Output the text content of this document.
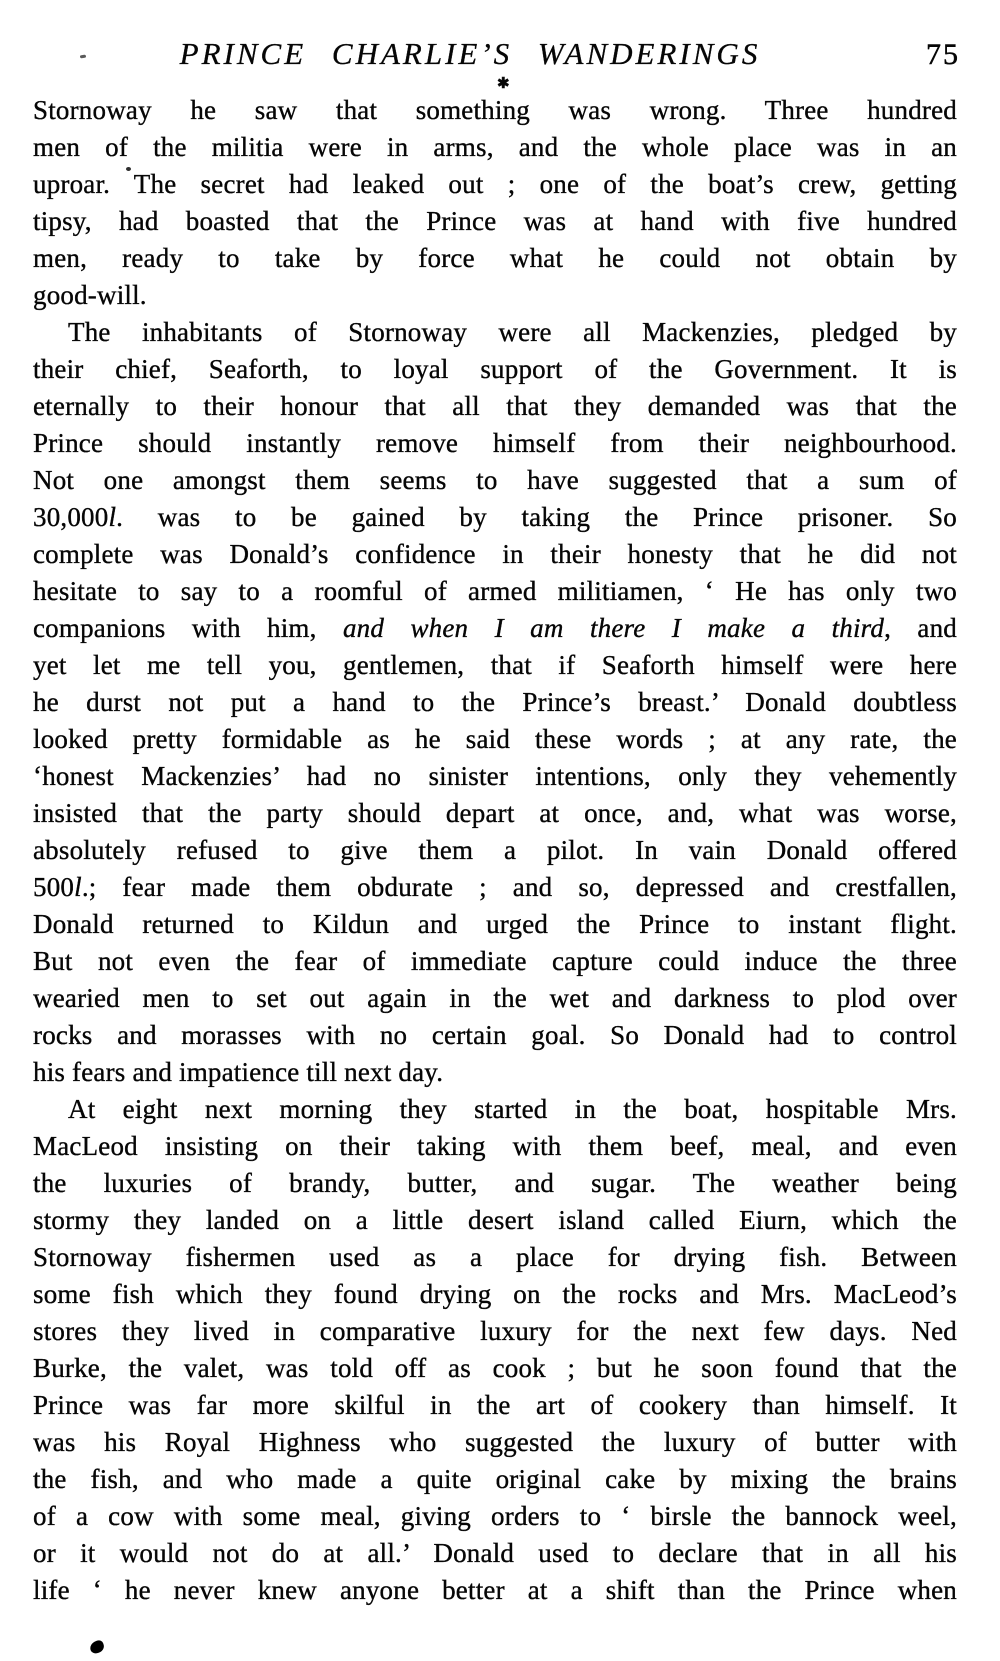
PRINCE CHARLIE’S WANDERINGS	75
✱
Stornoway he saw that something was wrong. Three hundred
men of the militia were in arms, and the whole place was in an
uproar. The secret had leaked out ; one of the boat’s crew, getting
tipsy, had boasted that the Prince was at hand with five hundred
men, ready to take by force what he could not obtain by
good-will.
The inhabitants of Stornoway were all Mackenzies, pledged by
their chief, Seaforth, to loyal support of the Government. It is
eternally to their honour that all that they demanded was that the
Prince should instantly remove himself from their neighbourhood.
Not one amongst them seems to have suggested that a sum of
30,000l. was to be gained by taking the Prince prisoner. So
complete was Donald’s confidence in their honesty that he did not
hesitate to say to a roomful of armed militiamen, ‘ He has only two
companions with him, and when I am there I make a third, and
yet let me tell you, gentlemen, that if Seaforth himself were here
he durst not put a hand to the Prince’s breast.’ Donald doubtless
looked pretty formidable as he said these words ; at any rate, the
‘honest Mackenzies’ had no sinister intentions, only they vehemently
insisted that the party should depart at once, and, what was worse,
absolutely refused to give them a pilot. In vain Donald offered
500l.; fear made them obdurate ; and so, depressed and crestfallen,
Donald returned to Kildun and urged the Prince to instant flight.
But not even the fear of immediate capture could induce the three
wearied men to set out again in the wet and darkness to plod over
rocks and morasses with no certain goal. So Donald had to control
his fears and impatience till next day.
At eight next morning they started in the boat, hospitable Mrs.
MacLeod insisting on their taking with them beef, meal, and even
the luxuries of brandy, butter, and sugar. The weather being
stormy they landed on a little desert island called Eiurn, which the
Stornoway fishermen used as a place for drying fish. Between
some fish which they found drying on the rocks and Mrs. MacLeod’s
stores they lived in comparative luxury for the next few days. Ned
Burke, the valet, was told off as cook ; but he soon found that the
Prince was far more skilful in the art of cookery than himself. It
was his Royal Highness who suggested the luxury of butter with
the fish, and who made a quite original cake by mixing the brains
of a cow with some meal, giving orders to ‘ birsle the bannock weel,
or it would not do at all.’ Donald used to declare that in all his
life ‘ he never knew anyone better at a shift than the Prince when
